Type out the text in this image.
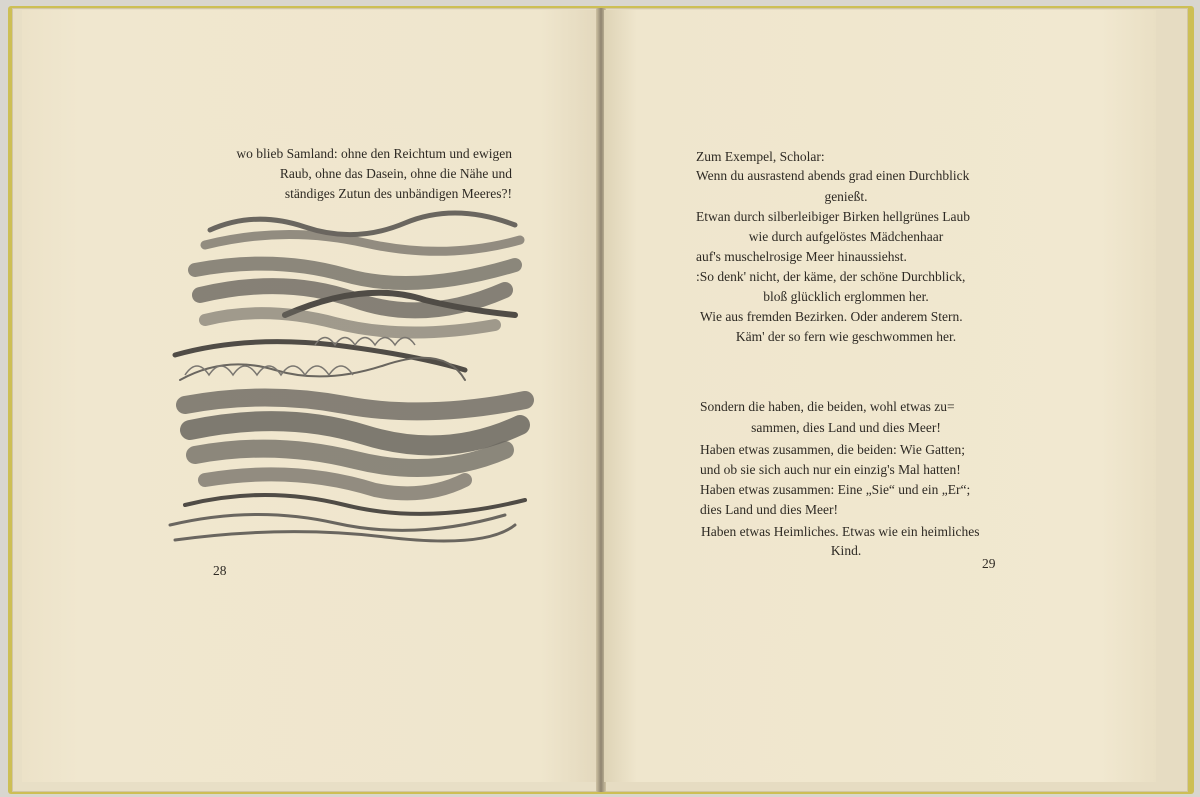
wo blieb Samland: ohne den Reichtum und ewigen
Raub, ohne das Dasein, ohne die Nähe und
ständiges Zutun des unbändigen Meeres?!
28
Zum Exempel, Scholar:
Wenn du ausrastend abends grad einen Durchblick
genießt.
Etwan durch silberleibiger Birken hellgrünes Laub
wie durch aufgelöstes Mädchenhaar
auf's muschelrosige Meer hinaussiehst.
:So denk' nicht, der käme, der schöne Durchblick,
bloß glücklich erglommen her.
Wie aus fremden Bezirken. Oder anderem Stern.
Käm' der so fern wie geschwommen her.
Sondern die haben, die beiden, wohl etwas zu=
sammen, dies Land und dies Meer!
Haben etwas zusammen, die beiden: Wie Gatten;
und ob sie sich auch nur ein einzig's Mal hatten!
Haben etwas zusammen: Eine „Sie“ und ein „Er“;
dies Land und dies Meer!
Haben etwas Heimliches. Etwas wie ein heimliches
Kind.
29
